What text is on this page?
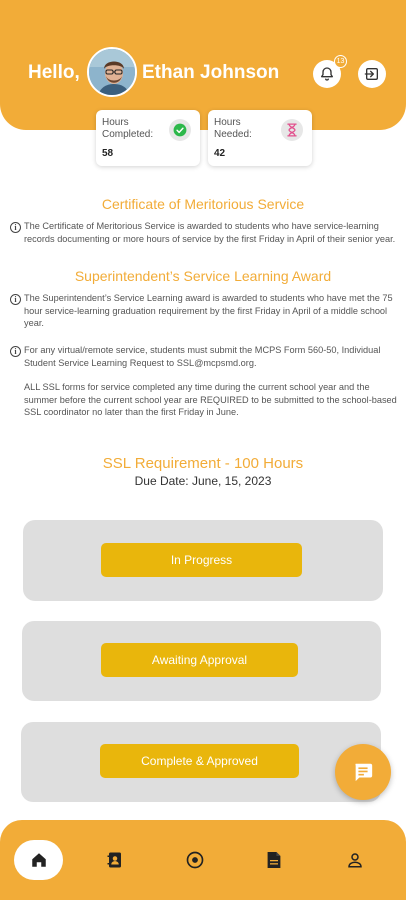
Hello,	Ethan Johnson
13
Hours Completed:
58
Hours Needed:
42
Certificate of Meritorious Service
i The Certificate of Meritorious Service is awarded to students who have service-learning records documenting or more hours of service by the first Friday in April of their senior year.

Superintendent’s Service Learning Award
i The Superintendent’s Service Learning award is awarded to students who have met the 75 hour service-learning graduation requirement by the first Friday in April of a middle school year.

i For any virtual/remote service, students must submit the MCPS Form 560-50, Individual Student Service Learning Request to SSL@mcpsmd.org.

ALL SSL forms for service completed any time during the current school year and the summer before the current school year are REQUIRED to be submitted to the school-based SSL coordinator no later than the first Friday in June.

SSL Requirement - 100 Hours
Due Date: June, 15, 2023
In Progress
Awaiting Approval
Complete & Approved
